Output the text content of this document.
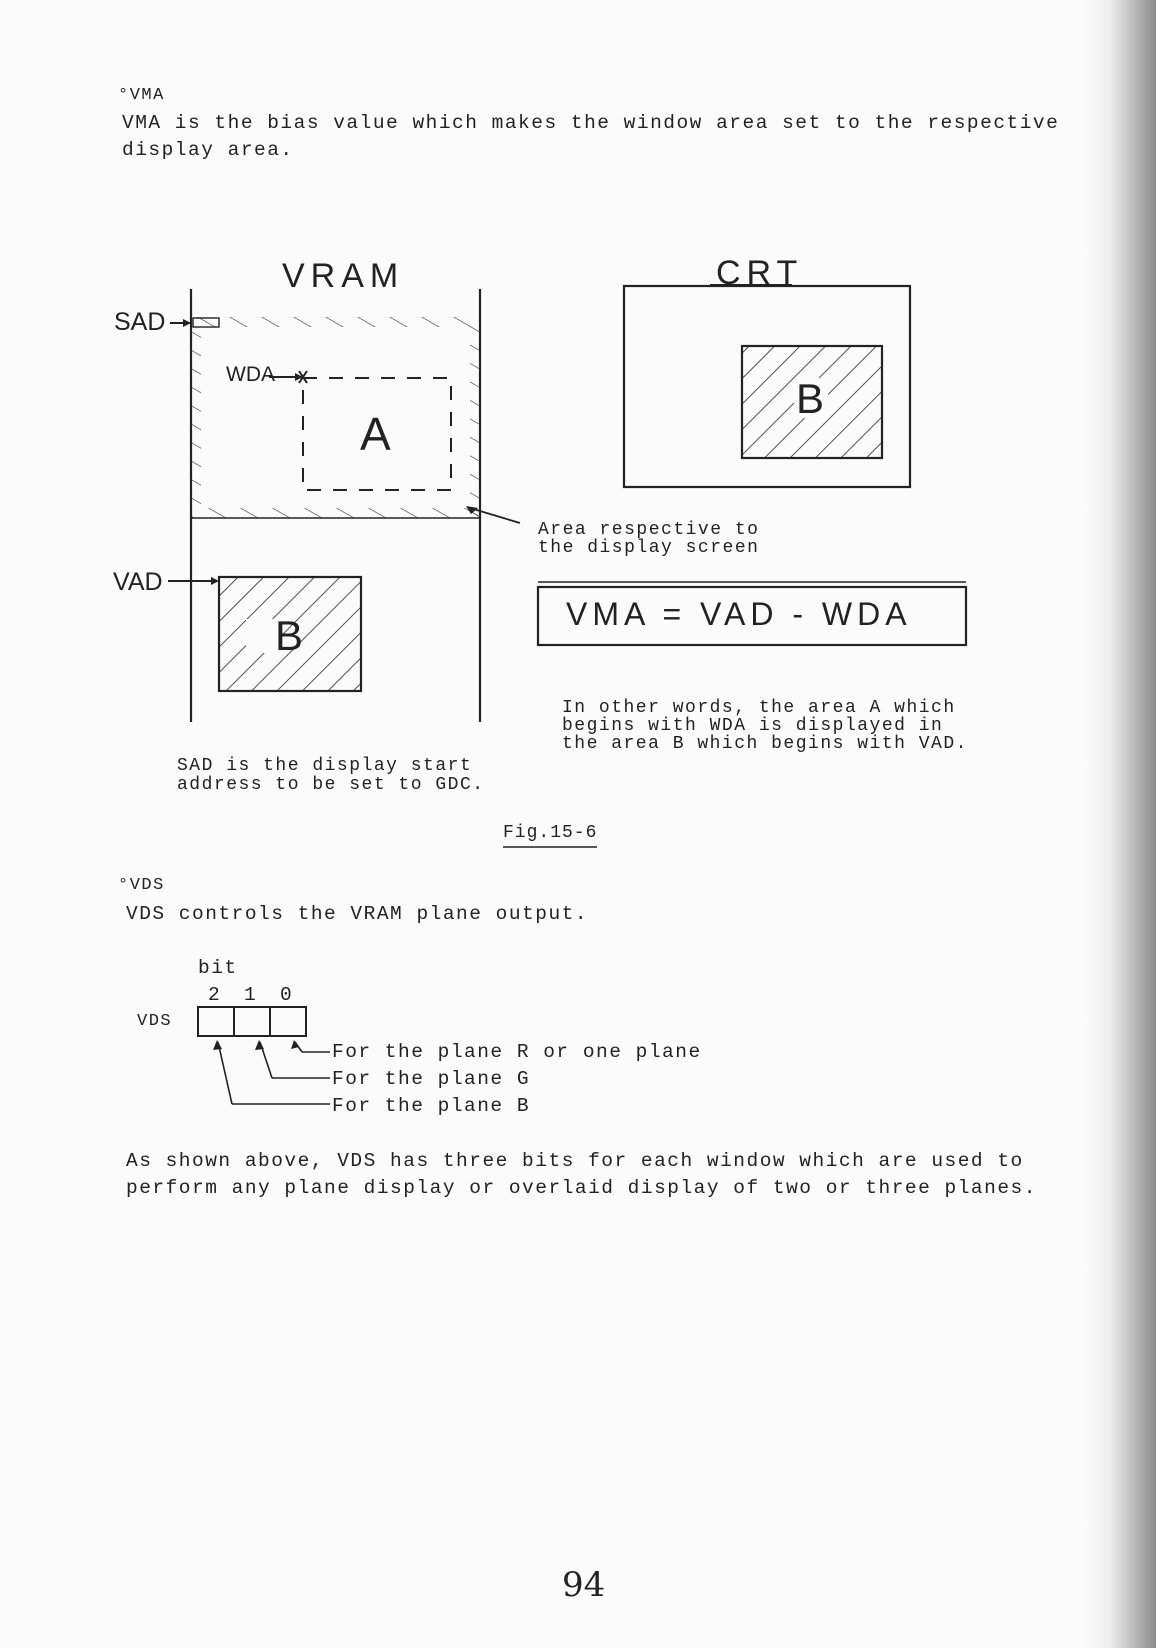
°VMA
VMA is the bias value which makes the window area set to the respective
display area.
VRAM	CRT
SAD
WDA
VAD
A
B
B
Area respective to
the display screen
VMA = VAD - WDA
In other words, the area A which
begins with WDA is displayed in
the area B which begins with VAD.
SAD is the display start
address to be set to GDC.
Fig.15-6
°VDS
VDS controls the VRAM plane output.
bit
2 1 0
VDS
For the plane R or one plane
For the plane G
For the plane B
As shown above, VDS has three bits for each window which are used to
perform any plane display or overlaid display of two or three planes.
94
